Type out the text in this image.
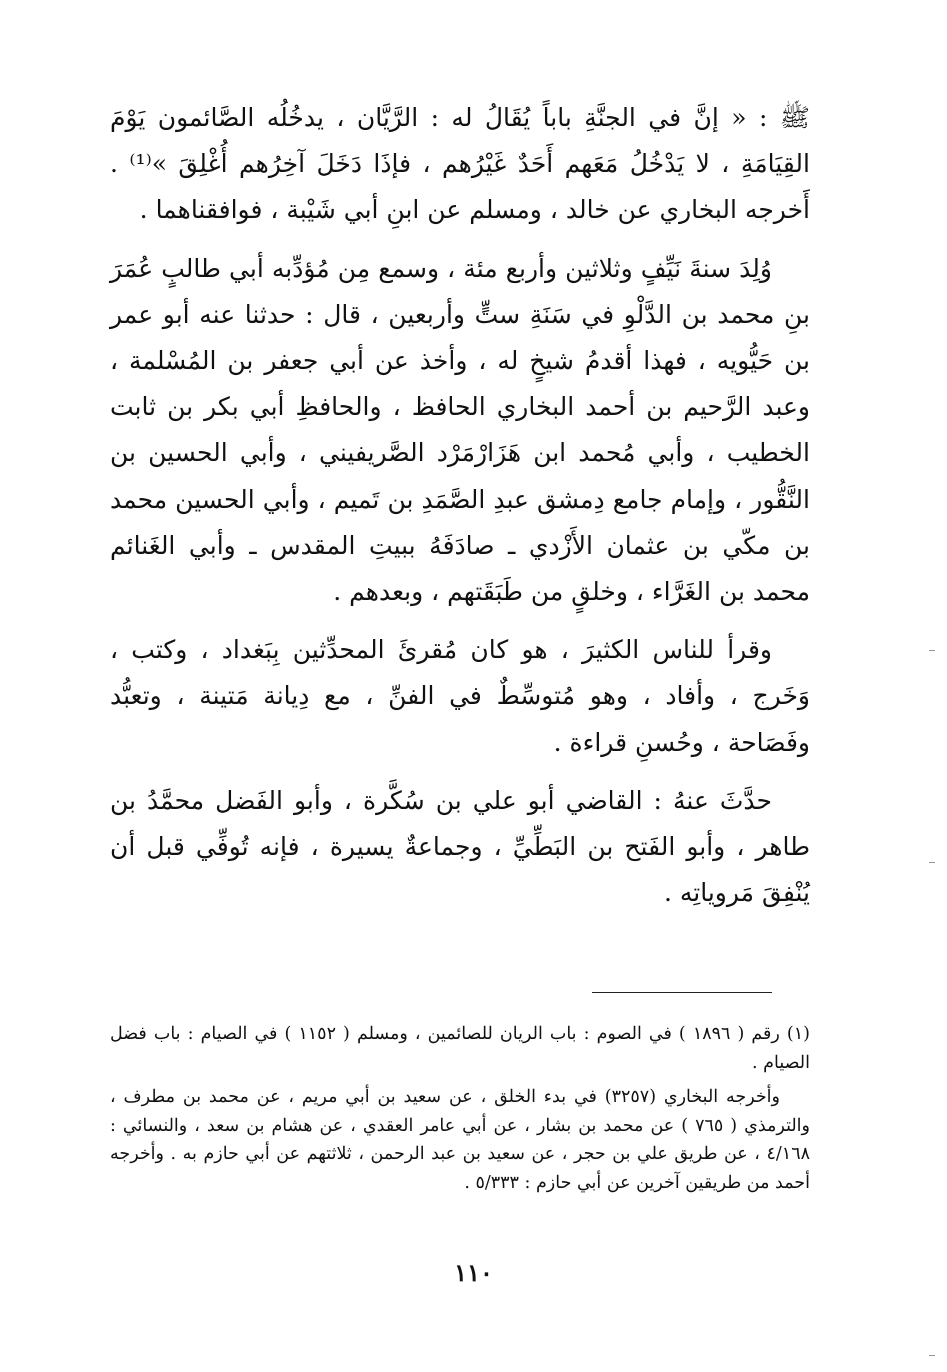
ﷺ : « إنَّ في الجنَّةِ باباً يُقَالُ له : الرَّيَّان ، يدخُلُه الصَّائمون يَوْمَ القِيَامَةِ ، لا يَدْخُلُ مَعَهم أَحَدٌ غَيْرُهم ، فإذَا دَخَلَ آخِرُهم أُغْلِقَ »⁽¹⁾ . أَخرجه البخاري عن خالد ، ومسلم عن ابنِ أبي شَيْبة ، فوافقناهما .

وُلِدَ سنةَ نَيِّفٍ وثلاثين وأربع مئة ، وسمع مِن مُؤدِّبه أبي طالبٍ عُمَرَ بنِ محمد بن الدَّلْوِ في سَنَةِ ستٍّ وأربعين ، قال : حدثنا عنه أبو عمر بن حَيُّويه ، فهذا أقدمُ شيخٍ له ، وأخذ عن أبي جعفر بن المُسْلمة ، وعبد الرَّحيم بن أحمد البخاري الحافظ ، والحافظِ أبي بكر بن ثابت الخطيب ، وأبي مُحمد ابن هَزَارْمَرْد الصَّريفيني ، وأبي الحسين بن النَّقُّور ، وإمام جامع دِمشق عبدِ الصَّمَدِ بن تَميم ، وأبي الحسين محمد بن مكّي بن عثمان الأَزْدي ـ صادَفَهُ ببيتِ المقدس ـ وأبي الغَنائم محمد بن الغَرَّاء ، وخلقٍ من طَبَقَتهم ، وبعدهم .

وقرأ للناس الكثيرَ ، هو كان مُقرئَ المحدِّثين بِبَغداد ، وكتب ، وَخَرج ، وأفاد ، وهو مُتوسِّطٌ في الفنِّ ، مع دِيانة مَتينة ، وتعبُّد وفَصَاحة ، وحُسنِ قراءة .

حدَّثَ عنهُ : القاضي أبو علي بن سُكَّرة ، وأبو الفَضل محمَّدُ بن طاهر ، وأبو الفَتح بن البَطِّيِّ ، وجماعةٌ يسيرة ، فإنه تُوفِّي قبل أن يُنْفِقَ مَروياتِه .

(١) رقم ( ١٨٩٦ ) في الصوم : باب الريان للصائمين ، ومسلم ( ١١٥٢ ) في الصيام : باب فضل الصيام .

وأخرجه البخاري (٣٢٥٧) في بدء الخلق ، عن سعيد بن أبي مريم ، عن محمد بن مطرف ، والترمذي ( ٧٦٥ ) عن محمد بن بشار ، عن أبي عامر العقدي ، عن هشام بن سعد ، والنسائي : ٤/١٦٨ ، عن طريق علي بن حجر ، عن سعيد بن عبد الرحمن ، ثلاثتهم عن أبي حازم به . وأخرجه أحمد من طريقين آخرين عن أبي حازم : ٥/٣٣٣ .

١١٠
